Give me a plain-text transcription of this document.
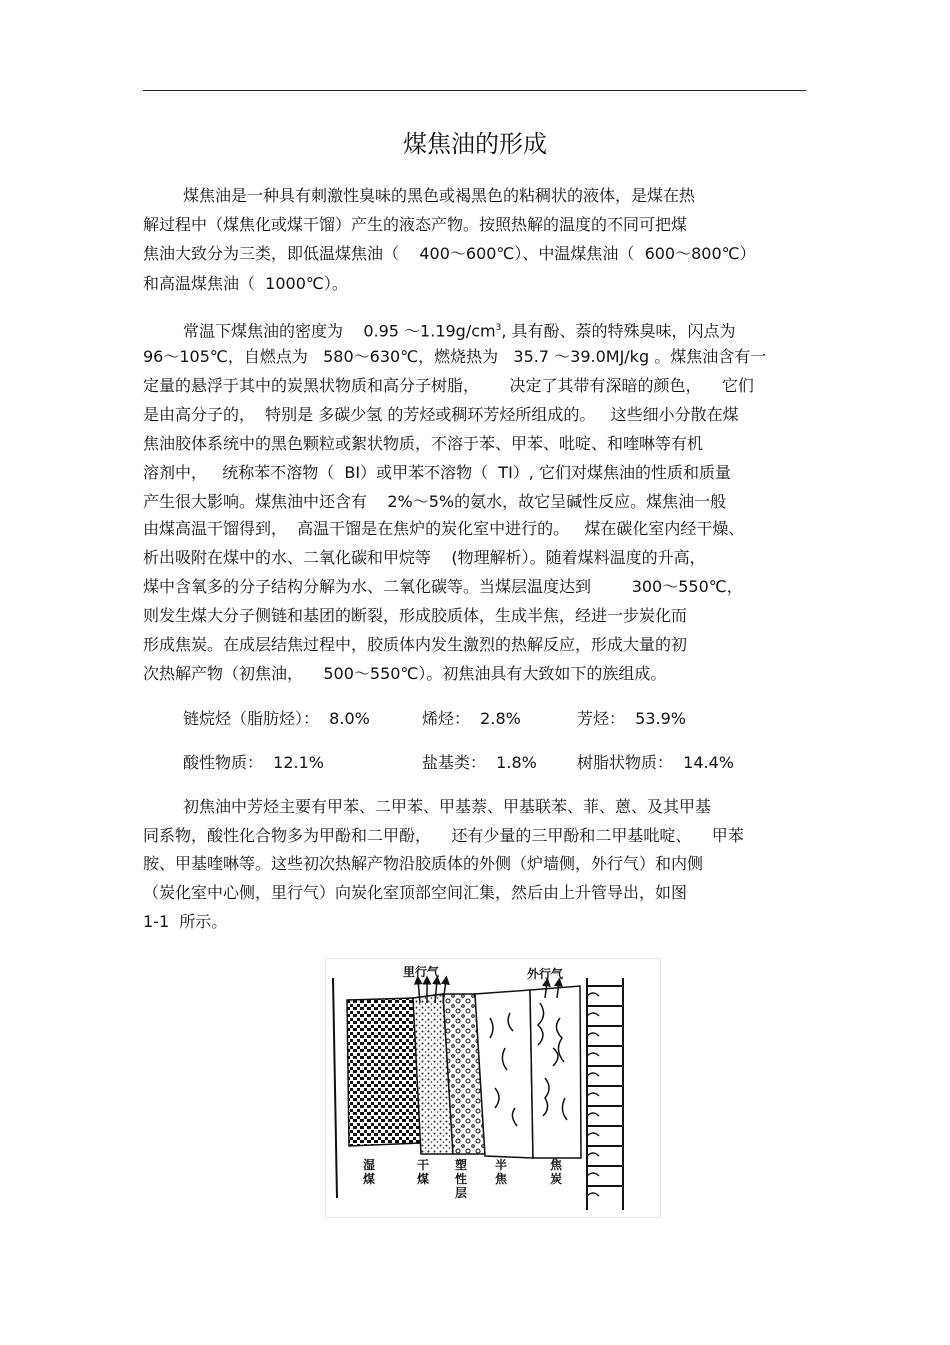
煤焦油的形成
煤焦油是一种具有刺激性臭味的黑色或褐黑色的粘稠状的液体，是煤在热
解过程中（煤焦化或煤干馏）产生的液态产物。按照热解的温度的不同可把煤
焦油大致分为三类，即低温煤焦油（    400～600℃）、中温煤焦油（  600～800℃）
和高温煤焦油（  1000℃）。
常温下煤焦油的密度为    0.95 $\sim 1.19g/cm^3$, 具有酚、萘的特殊臭味，闪点为
96～105℃，自燃点为   580～630℃，燃烧热为   35.7 ～39.0MJ/kg 。煤焦油含有一
定量的悬浮于其中的炭黑状物质和高分子树脂，      决定了其带有深暗的颜色，    它们
是由高分子的，  特别是 多碳少氢 的芳烃或稠环芳烃所组成的。   这些细小分散在煤
焦油胶体系统中的黑色颗粒或絮状物质，不溶于苯、甲苯、吡啶、和喹啉等有机
溶剂中，   统称苯不溶物（  BI）或甲苯不溶物（  TI）, 它们对煤焦油的性质和质量
产生很大影响。煤焦油中还含有    2%～5%的氨水，故它呈碱性反应。煤焦油一般
由煤高温干馏得到，  高温干馏是在焦炉的炭化室中进行的。   煤在碳化室内经干燥、
析出吸附在煤中的水、二氧化碳和甲烷等    (物理解析）。随着煤料温度的升高，
煤中含氧多的分子结构分解为水、二氧化碳等。当煤层温度达到        300～550℃，
则发生煤大分子侧链和基团的断裂，形成胶质体，生成半焦，经进一步炭化而
形成焦炭。在成层结焦过程中，胶质体内发生激烈的热解反应，形成大量的初
次热解产物（初焦油，    500～550℃）。初焦油具有大致如下的族组成。
链烷烃（脂肪烃）：  8.0%	烯烃：  2.8%	芳烃：  53.9%
酸性物质：  12.1%	盐基类：  1.8%	树脂状物质：  14.4%
初焦油中芳烃主要有甲苯、二甲苯、甲基萘、甲基联苯、菲、蒽、及其甲基
同系物，酸性化合物多为甲酚和二甲酚，    还有少量的三甲酚和二甲基吡啶、    甲苯
胺、甲基喹啉等。这些初次热解产物沿胶质体的外侧（炉墙侧，外行气）和内侧
（炭化室中心侧，里行气）向炭化室顶部空间汇集，然后由上升管导出，如图
1-1  所示。
里行气	外行气
湿煤
干煤
塑性层
半焦
焦炭
